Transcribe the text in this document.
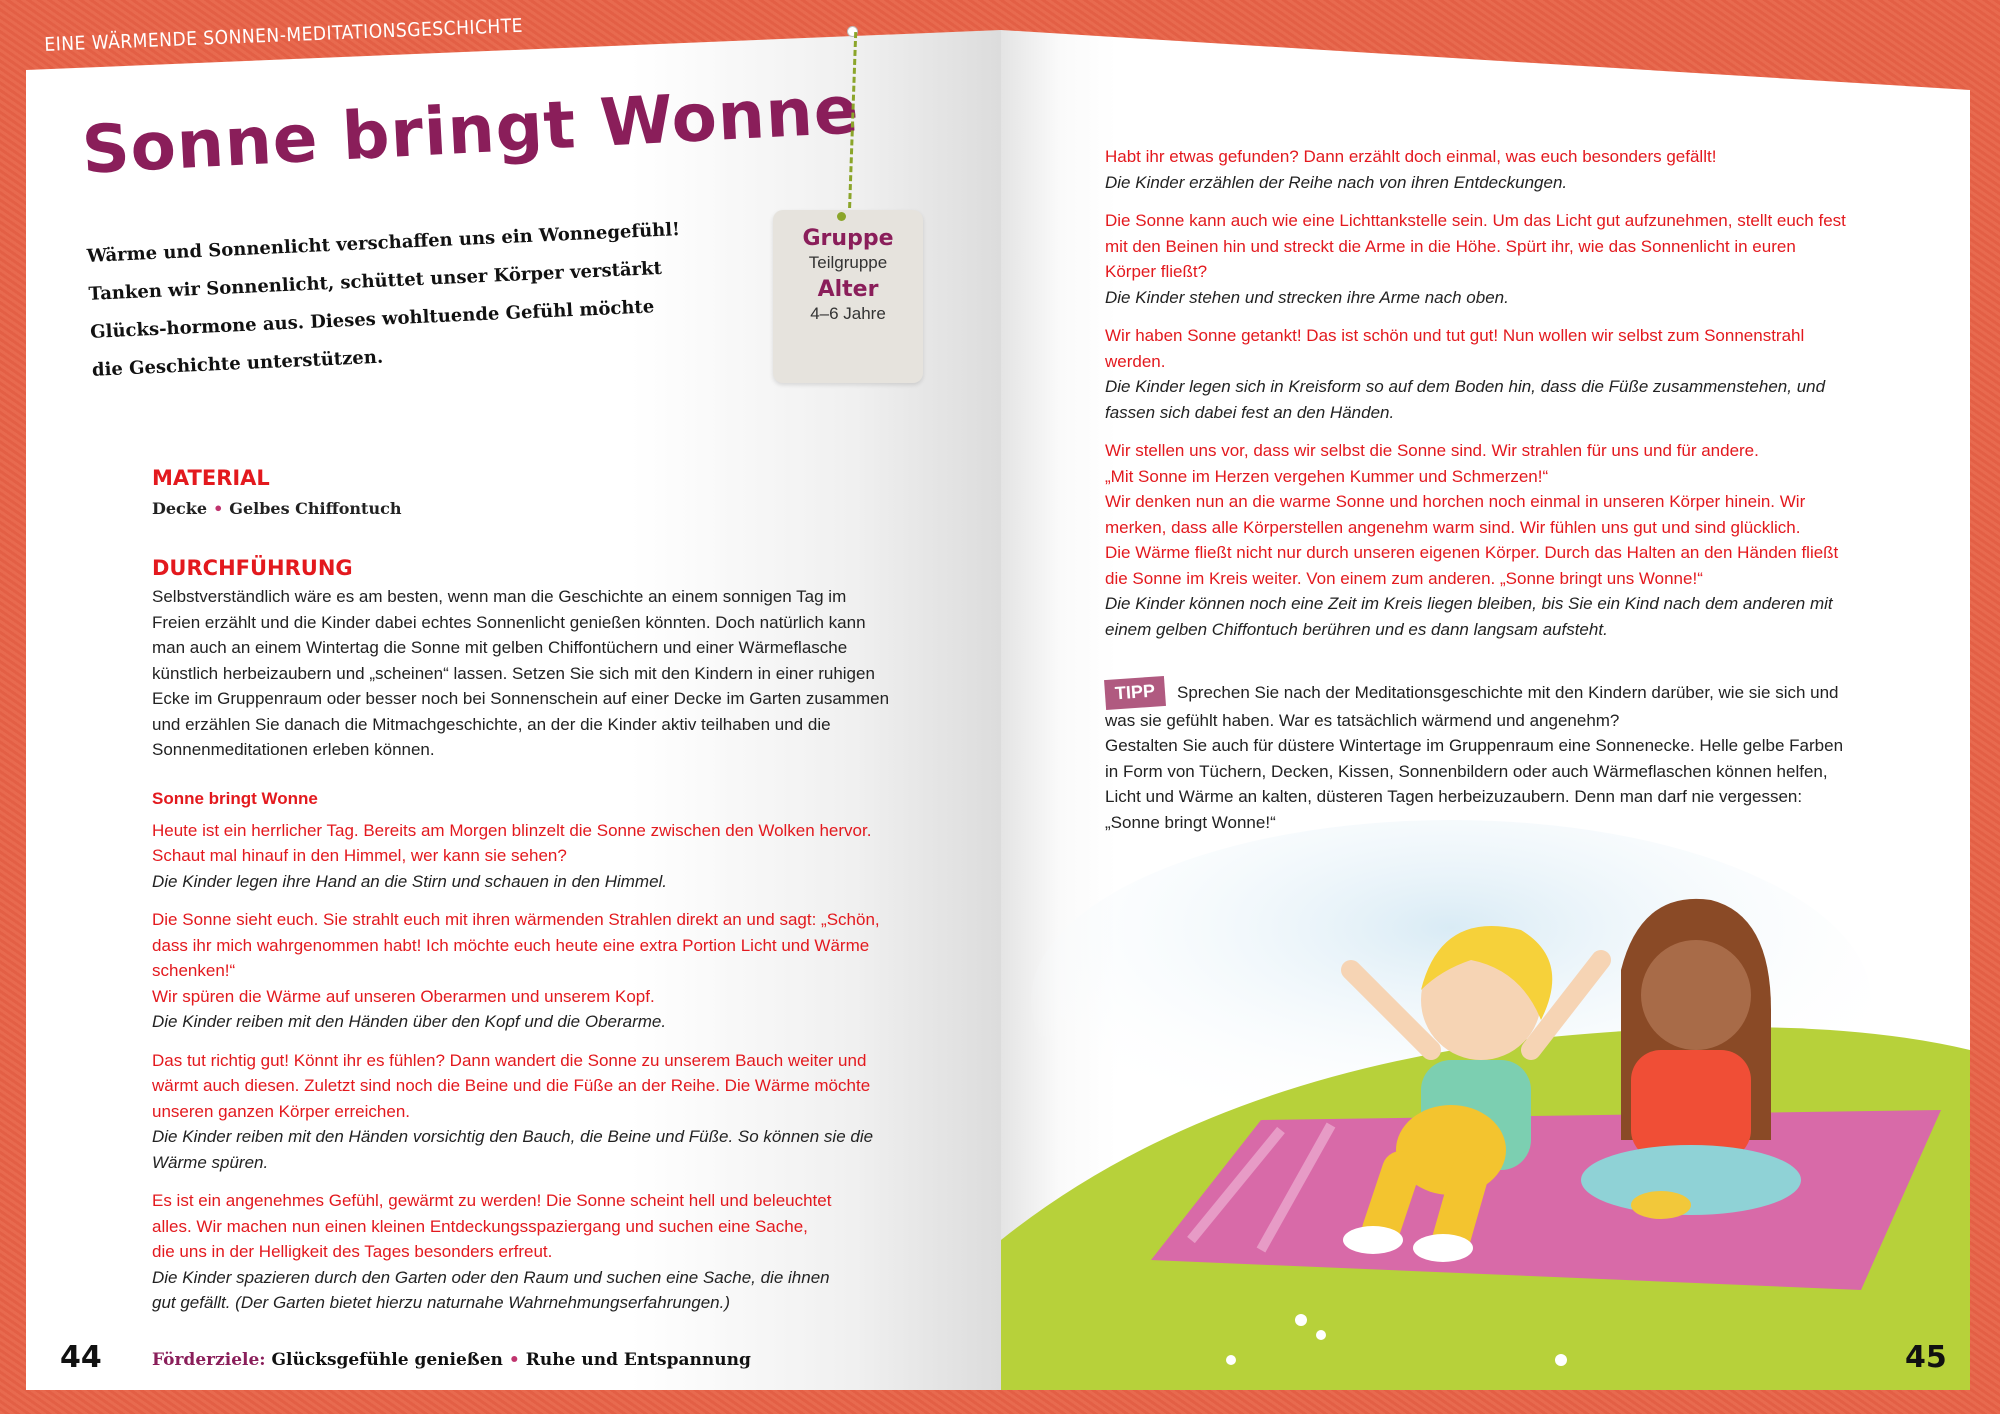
EINE WÄRMENDE SONNEN-MEDITATIONSGESCHICHTE
Sonne bringt Wonne
Wärme und Sonnenlicht verschaffen uns ein Wonnegefühl! Tanken wir Sonnenlicht, schüttet unser Körper verstärkt Glücks-hormone aus. Dieses wohltuende Gefühl möchte die Geschichte unterstützen.
Gruppe
Teilgruppe
Alter
4–6 Jahre
MATERIAL
Decke • Gelbes Chiffontuch
DURCHFÜHRUNG
Selbstverständlich wäre es am besten, wenn man die Geschichte an einem sonnigen Tag im Freien erzählt und die Kinder dabei echtes Sonnenlicht genießen könnten. Doch natürlich kann man auch an einem Wintertag die Sonne mit gelben Chiffontüchern und einer Wärmeflasche künstlich herbeizaubern und „scheinen“ lassen. Setzen Sie sich mit den Kindern in einer ruhigen Ecke im Gruppenraum oder besser noch bei Sonnenschein auf einer Decke im Garten zusammen und erzählen Sie danach die Mitmachgeschichte, an der die Kinder aktiv teilhaben und die Sonnenmeditationen erleben können.

Sonne bringt Wonne

Heute ist ein herrlicher Tag. Bereits am Morgen blinzelt die Sonne zwischen den Wolken hervor. Schaut mal hinauf in den Himmel, wer kann sie sehen?
Die Kinder legen ihre Hand an die Stirn und schauen in den Himmel.

Die Sonne sieht euch. Sie strahlt euch mit ihren wärmenden Strahlen direkt an und sagt: „Schön, dass ihr mich wahrgenommen habt! Ich möchte euch heute eine extra Portion Licht und Wärme schenken!“
Wir spüren die Wärme auf unseren Oberarmen und unserem Kopf.
Die Kinder reiben mit den Händen über den Kopf und die Oberarme.

Das tut richtig gut! Könnt ihr es fühlen? Dann wandert die Sonne zu unserem Bauch weiter und wärmt auch diesen. Zuletzt sind noch die Beine und die Füße an der Reihe. Die Wärme möchte unseren ganzen Körper erreichen.
Die Kinder reiben mit den Händen vorsichtig den Bauch, die Beine und Füße. So können sie die Wärme spüren.

Es ist ein angenehmes Gefühl, gewärmt zu werden! Die Sonne scheint hell und beleuchtet alles. Wir machen nun einen kleinen Entdeckungsspaziergang und suchen eine Sache, die uns in der Helligkeit des Tages besonders erfreut.
Die Kinder spazieren durch den Garten oder den Raum und suchen eine Sache, die ihnen gut gefällt. (Der Garten bietet hierzu naturnahe Wahrnehmungserfahrungen.)

Habt ihr etwas gefunden? Dann erzählt doch einmal, was euch besonders gefällt!
Die Kinder erzählen der Reihe nach von ihren Entdeckungen.

Die Sonne kann auch wie eine Lichttankstelle sein. Um das Licht gut aufzunehmen, stellt euch fest mit den Beinen hin und streckt die Arme in die Höhe. Spürt ihr, wie das Sonnenlicht in euren Körper fließt?
Die Kinder stehen und strecken ihre Arme nach oben.

Wir haben Sonne getankt! Das ist schön und tut gut! Nun wollen wir selbst zum Sonnenstrahl werden.
Die Kinder legen sich in Kreisform so auf dem Boden hin, dass die Füße zusammenstehen, und fassen sich dabei fest an den Händen.

Wir stellen uns vor, dass wir selbst die Sonne sind. Wir strahlen für uns und für andere.
„Mit Sonne im Herzen vergehen Kummer und Schmerzen!“
Wir denken nun an die warme Sonne und horchen noch einmal in unseren Körper hinein. Wir merken, dass alle Körperstellen angenehm warm sind. Wir fühlen uns gut und sind glücklich.
Die Wärme fließt nicht nur durch unseren eigenen Körper. Durch das Halten an den Händen fließt die Sonne im Kreis weiter. Von einem zum anderen. „Sonne bringt uns Wonne!“
Die Kinder können noch eine Zeit im Kreis liegen bleiben, bis Sie ein Kind nach dem anderen mit einem gelben Chiffontuch berühren und es dann langsam aufsteht.

TIPP Sprechen Sie nach der Meditationsgeschichte mit den Kindern darüber, wie sie sich und was sie gefühlt haben. War es tatsächlich wärmend und angenehm?
Gestalten Sie auch für düstere Wintertage im Gruppenraum eine Sonnenecke. Helle gelbe Farben in Form von Tüchern, Decken, Kissen, Sonnenbildern oder auch Wärmeflaschen können helfen, Licht und Wärme an kalten, düsteren Tagen herbeizuzaubern. Denn man darf nie vergessen: „Sonne bringt Wonne!“

44	Förderziele: Glücksgefühle genießen • Ruhe und Entspannung	45
